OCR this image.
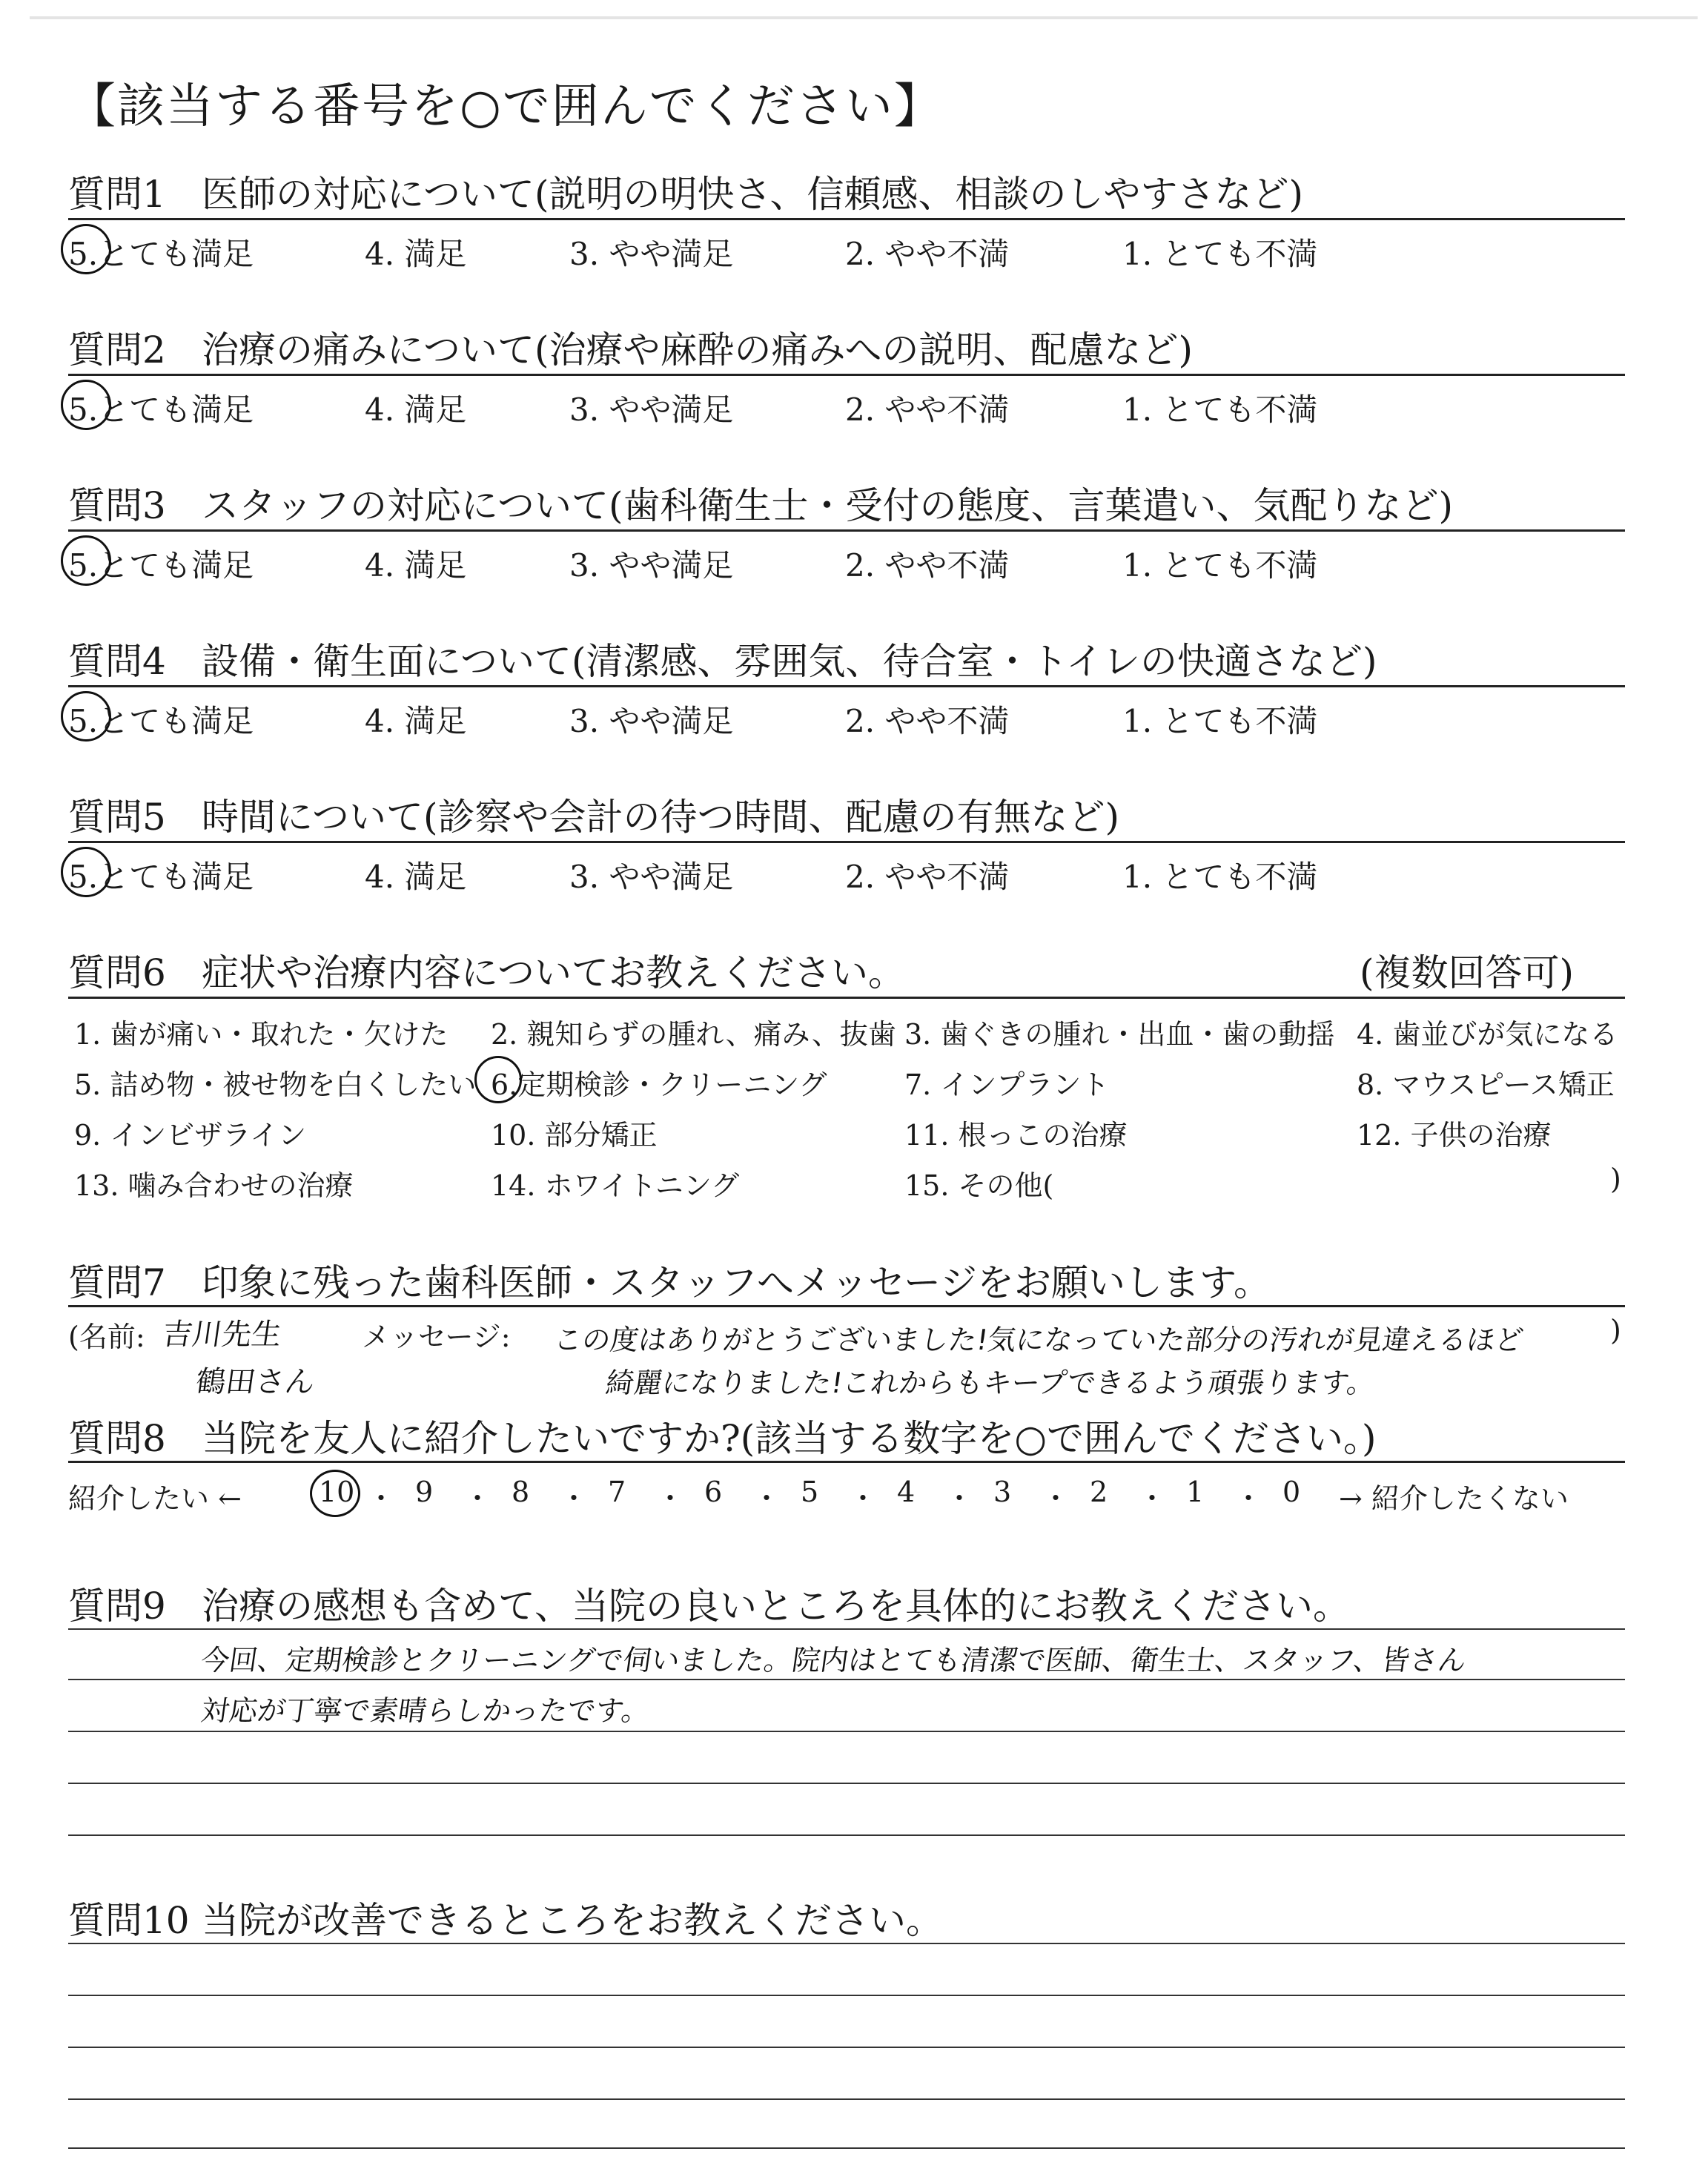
【該当する番号を○で囲んでください】
質問1 医師の対応について(説明の明快さ、信頼感、相談のしやすさなど)
5.とても満足	4. 満足	3. やや満足	2. やや不満	1. とても不満
質問2 治療の痛みについて(治療や麻酔の痛みへの説明、配慮など)
5.とても満足	4. 満足	3. やや満足	2. やや不満	1. とても不満
質問3 スタッフの対応について(歯科衛生士・受付の態度、言葉遣い、気配りなど)
5.とても満足	4. 満足	3. やや満足	2. やや不満	1. とても不満
質問4 設備・衛生面について(清潔感、雰囲気、待合室・トイレの快適さなど)
5.とても満足	4. 満足	3. やや満足	2. やや不満	1. とても不満
質問5 時間について(診察や会計の待つ時間、配慮の有無など)
5.とても満足	4. 満足	3. やや満足	2. やや不満	1. とても不満
質問6 症状や治療内容についてお教えください。	(複数回答可)
1. 歯が痛い・取れた・欠けた 2. 親知らずの腫れ、痛み、抜歯 3. 歯ぐきの腫れ・出血・歯の動揺 4. 歯並びが気になる
5. 詰め物・被せ物を白くしたい 6.定期検診・クリーニング	7. インプラント	8. マウスピース矯正
9. インビザライン	10. 部分矯正	11. 根っこの治療	12. 子供の治療
13. 噛み合わせの治療	14. ホワイトニング	15. その他(	)
質問7 印象に残った歯科医師・スタッフへメッセージをお願いします。
(名前:	メッセージ:	)
吉川先生
鶴田さん
この度はありがとうございました!気になっていた部分の汚れが見違えるほど
綺麗になりました!これからもキープできるよう頑張ります。
質問8 当院を友人に紹介したいですか?(該当する数字を○で囲んでください。)
紹介したい ←	→ 紹介したくない
10 ・ 9 ・ 8 ・ 7 ・ 6 ・ 5 ・ 4 ・ 3 ・ 2 ・ 1 ・ 0
質問9 治療の感想も含めて、当院の良いところを具体的にお教えください。
今回、定期検診とクリーニングで伺いました。院内はとても清潔で医師、衛生士、スタッフ、皆さん
対応が丁寧で素晴らしかったです。
質問10 当院が改善できるところをお教えください。
